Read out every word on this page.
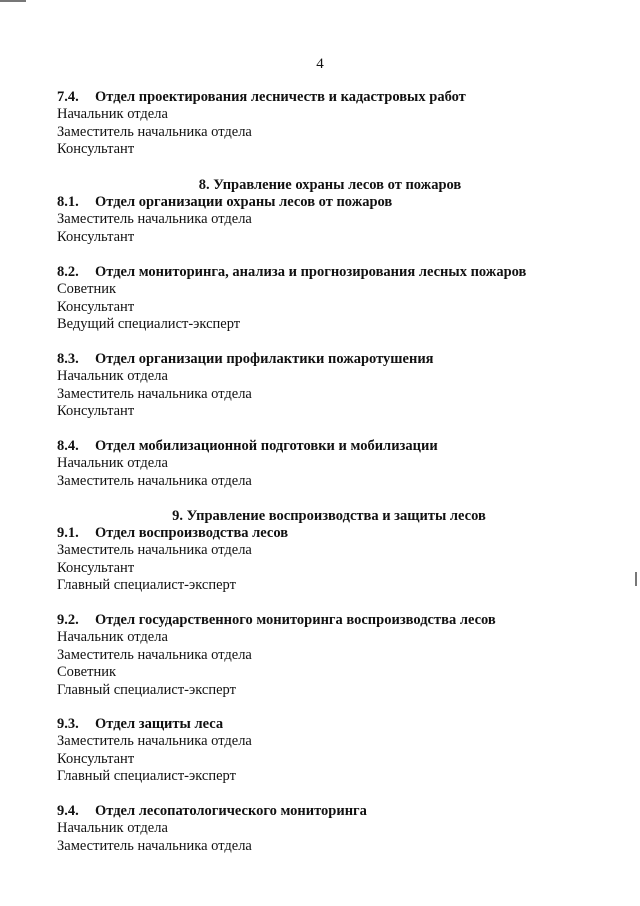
4
7.4. Отдел проектирования лесничеств и кадастровых работ
Начальник отдела
Заместитель начальника отдела
Консультант
8. Управление охраны лесов от пожаров
8.1. Отдел организации охраны лесов от пожаров
Заместитель начальника отдела
Консультант
8.2. Отдел мониторинга, анализа и прогнозирования лесных пожаров
Советник
Консультант
Ведущий специалист-эксперт
8.3. Отдел организации профилактики пожаротушения
Начальник отдела
Заместитель начальника отдела
Консультант
8.4. Отдел мобилизационной подготовки и мобилизации
Начальник отдела
Заместитель начальника отдела
9. Управление воспроизводства и защиты лесов
9.1. Отдел воспроизводства лесов
Заместитель начальника отдела
Консультант
Главный специалист-эксперт
9.2. Отдел государственного мониторинга воспроизводства лесов
Начальник отдела
Заместитель начальника отдела
Советник
Главный специалист-эксперт
9.3. Отдел защиты леса
Заместитель начальника отдела
Консультант
Главный специалист-эксперт
9.4. Отдел лесопатологического мониторинга
Начальник отдела
Заместитель начальника отдела
